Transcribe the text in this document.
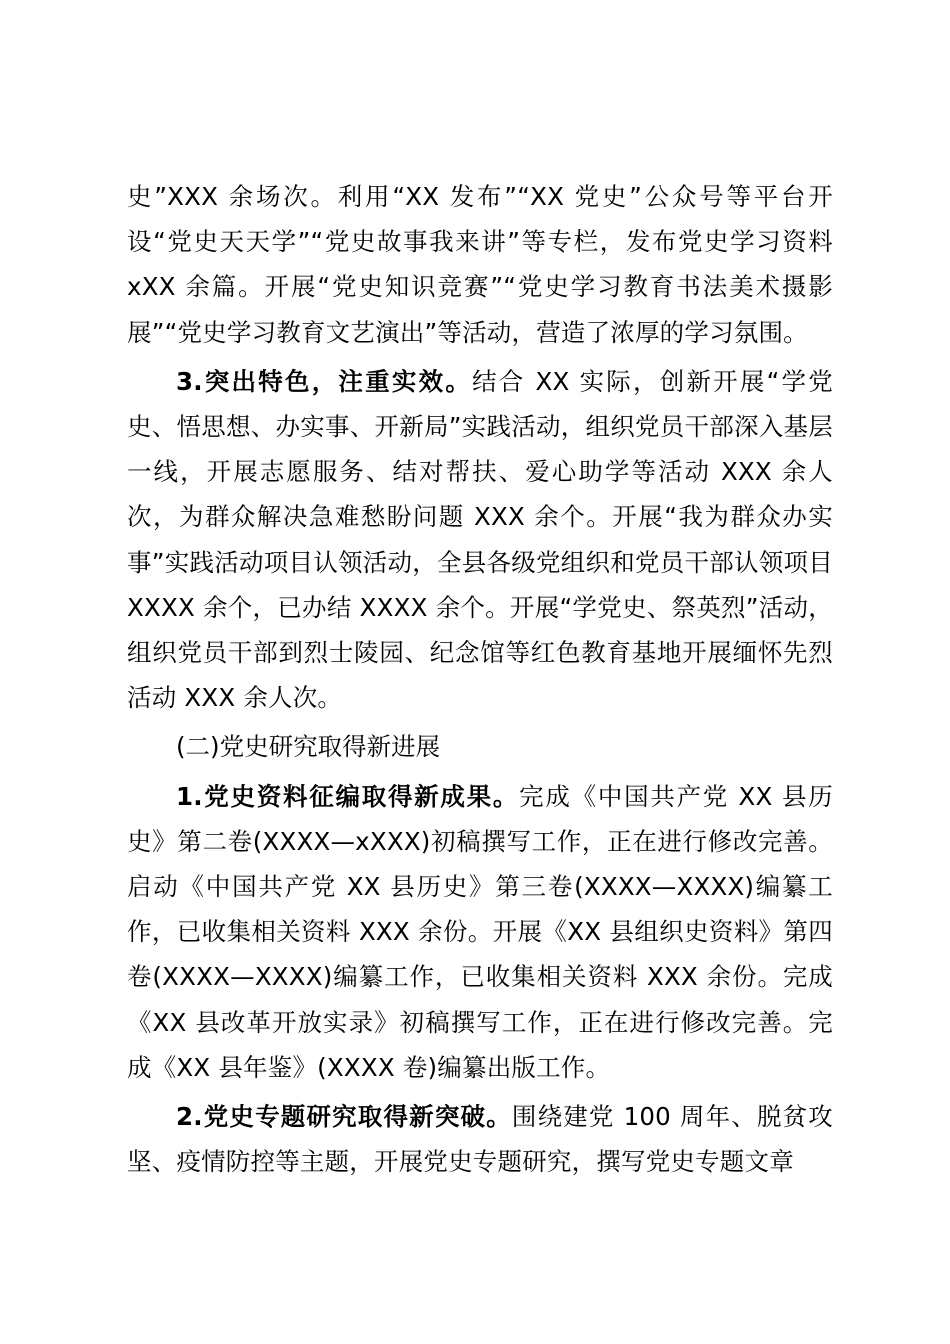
史”XXX 余场次。利用“XX 发布”“XX 党史”公众号等平台开设“党史天天学”“党史故事我来讲”等专栏，发布党史学习资料 xXX 余篇。开展“党史知识竞赛”“党史学习教育书法美术摄影展”“党史学习教育文艺演出”等活动，营造了浓厚的学习氛围。

3.突出特色，注重实效。结合 XX 实际，创新开展“学党史、悟思想、办实事、开新局”实践活动，组织党员干部深入基层一线，开展志愿服务、结对帮扶、爱心助学等活动 XXX 余人次，为群众解决急难愁盼问题 XXX 余个。开展“我为群众办实事”实践活动项目认领活动，全县各级党组织和党员干部认领项目 XXXX 余个，已办结 XXXX 余个。开展“学党史、祭英烈”活动，组织党员干部到烈士陵园、纪念馆等红色教育基地开展缅怀先烈活动 XXX 余人次。

(二)党史研究取得新进展

1.党史资料征编取得新成果。完成《中国共产党 XX 县历史》第二卷(XXXX—xXXX)初稿撰写工作，正在进行修改完善。启动《中国共产党 XX 县历史》第三卷(XXXX—XXXX)编纂工作，已收集相关资料 XXX 余份。开展《XX 县组织史资料》第四卷(XXXX—XXXX)编纂工作，已收集相关资料 XXX 余份。完成《XX 县改革开放实录》初稿撰写工作，正在进行修改完善。完成《XX 县年鉴》(XXXX 卷)编纂出版工作。

2.党史专题研究取得新突破。围绕建党 100 周年、脱贫攻坚、疫情防控等主题，开展党史专题研究，撰写党史专题文章
